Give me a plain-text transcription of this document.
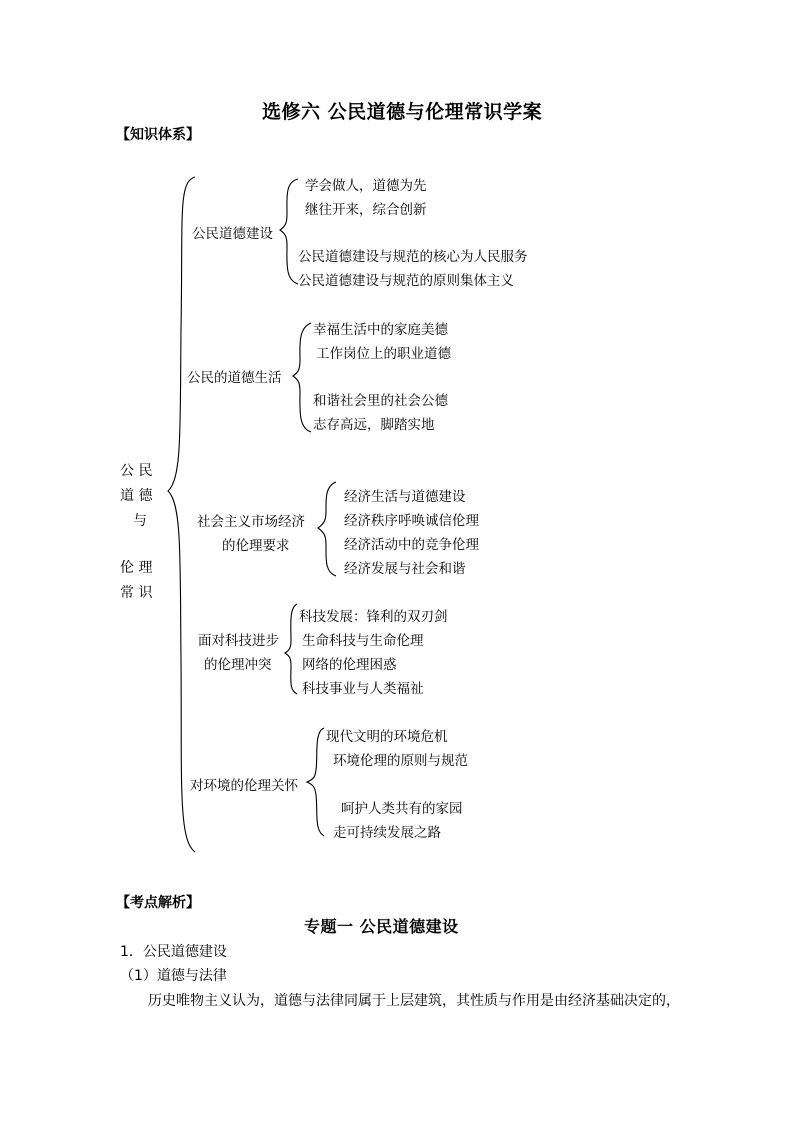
选修六 公民道德与伦理常识学案
【知识体系】
公 民
道 德
与
伦 理
常 识
公民道德建设
学会做人，道德为先
继往开来，综合创新
公民道德建设与规范的核心为人民服务
公民道德建设与规范的原则集体主义
公民的道德生活
幸福生活中的家庭美德
工作岗位上的职业道德
和谐社会里的社会公德
志存高远，脚踏实地
社会主义市场经济
的伦理要求
经济生活与道德建设
经济秩序呼唤诚信伦理
经济活动中的竞争伦理
经济发展与社会和谐
面对科技进步
的伦理冲突
科技发展：锋利的双刃剑
生命科技与生命伦理
网络的伦理困惑
科技事业与人类福祉
对环境的伦理关怀
现代文明的环境危机
环境伦理的原则与规范
呵护人类共有的家园
走可持续发展之路
【考点解析】
专题一 公民道德建设
1．公民道德建设
（1）道德与法律
历史唯物主义认为，道德与法律同属于上层建筑，其性质与作用是由经济基础决定的，
